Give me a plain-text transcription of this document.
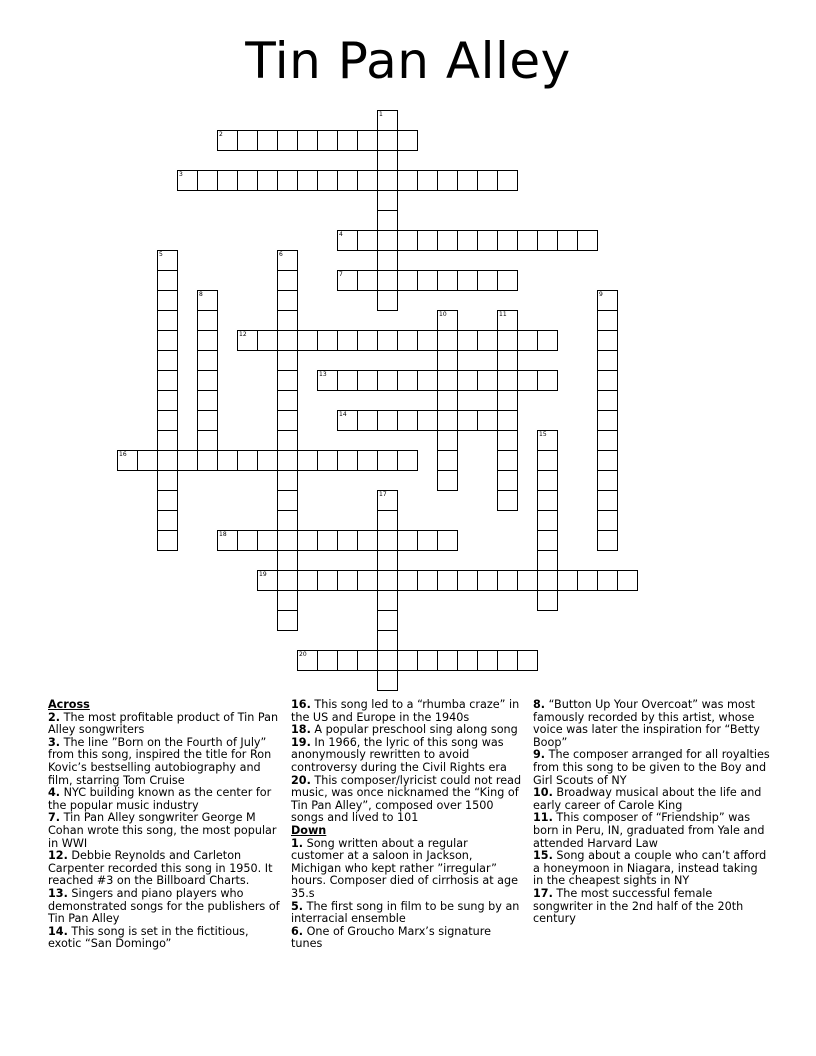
Tin Pan Alley
2
3
4
7
12
13
14
16
18
19
20
1
5	6
8	9
10	11
15
17
Across
2. The most profitable product of Tin Pan Alley songwriters
3. The line ”Born on the Fourth of July” from this song, inspired the title for Ron Kovic’s bestselling autobiography and film, starring Tom Cruise
4. NYC building known as the center for the popular music industry
7. Tin Pan Alley songwriter George M Cohan wrote this song, the most popular in WWI
12. Debbie Reynolds and Carleton Carpenter recorded this song in 1950. It reached #3 on the Billboard Charts.
13. Singers and piano players who demonstrated songs for the publishers of Tin Pan Alley
14. This song is set in the fictitious, exotic “San Domingo”
16. This song led to a “rhumba craze” in the US and Europe in the 1940s
18. A popular preschool sing along song
19. In 1966, the lyric of this song was anonymously rewritten to avoid controversy during the Civil Rights era
20. This composer/lyricist could not read music, was once nicknamed the “King of Tin Pan Alley”, composed over 1500 songs and lived to 101
Down
1. Song written about a regular customer at a saloon in Jackson, Michigan who kept rather ”irregular” hours. Composer died of cirrhosis at age 35.s
5. The first song in film to be sung by an interracial ensemble
6. One of Groucho Marx’s signature tunes
8. “Button Up Your Overcoat” was most famously recorded by this artist, whose voice was later the inspiration for “Betty Boop”
9. The composer arranged for all royalties from this song to be given to the Boy and Girl Scouts of NY
10. Broadway musical about the life and early career of Carole King
11. This composer of “Friendship” was born in Peru, IN, graduated from Yale and attended Harvard Law
15. Song about a couple who can’t afford a honeymoon in Niagara, instead taking in the cheapest sights in NY
17. The most successful female songwriter in the 2nd half of the 20th century
